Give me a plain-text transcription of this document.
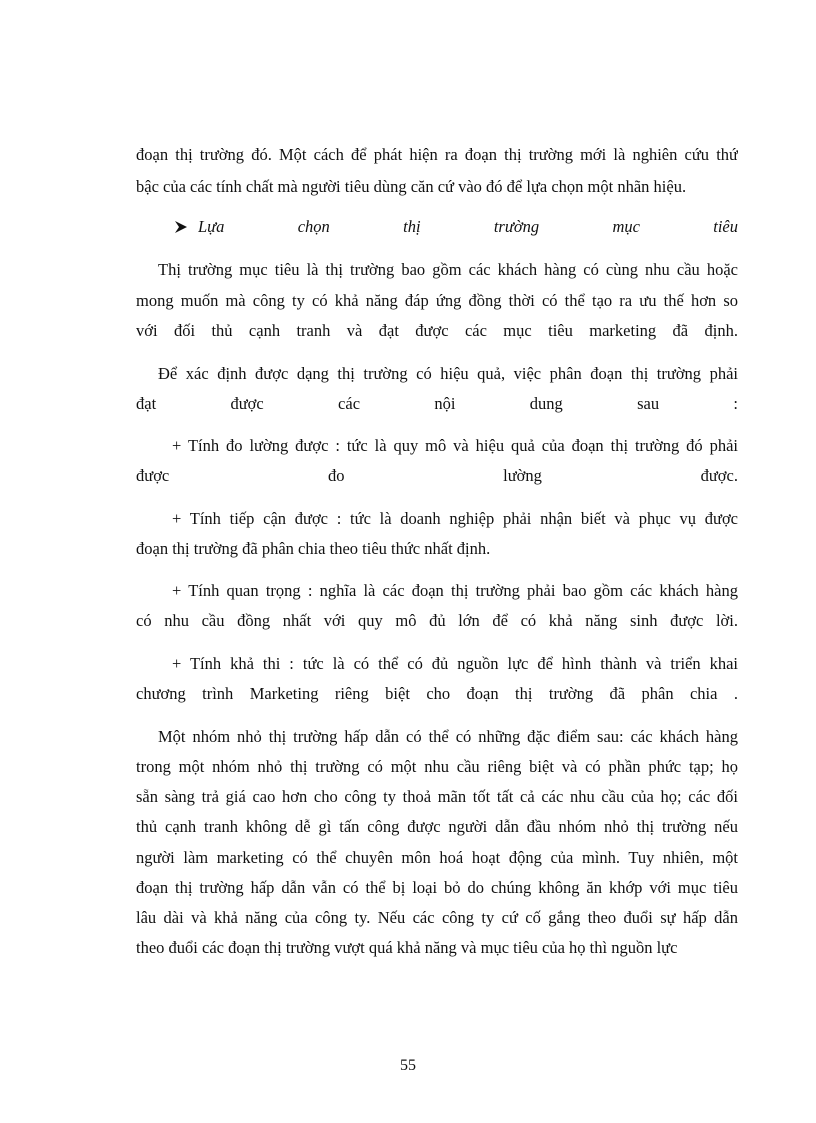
đoạn thị trường đó. Một cách để phát hiện ra đoạn thị trường mới là nghiên cứu thứ
bậc của các tính chất mà người tiêu dùng căn cứ vào đó để lựa chọn một nhãn hiệu.
Lựa chọn thị trường mục tiêu
Thị trường mục tiêu là thị trường bao gồm các khách hàng có cùng nhu cầu hoặc
mong muốn mà công ty có khả năng đáp ứng đồng thời có thể tạo ra ưu thế hơn so
với đối thủ cạnh tranh và đạt được các mục tiêu marketing đã định.
Để xác định được dạng thị trường có hiệu quả, việc phân đoạn thị trường phải
đạt được các nội dung sau :
+ Tính đo lường được : tức là quy mô và hiệu quả của đoạn thị trường đó phải
được đo lường được.
+ Tính tiếp cận được : tức là doanh nghiệp phải nhận biết và phục vụ được
đoạn thị trường đã phân chia theo tiêu thức nhất định.
+ Tính quan trọng : nghĩa là các đoạn thị trường phải bao gồm các khách hàng
có nhu cầu đồng nhất với quy mô đủ lớn để có khả năng sinh được lời.
+ Tính khả thi : tức là có thể có đủ nguồn lực để hình thành và triển khai
chương trình Marketing riêng biệt cho đoạn thị trường đã phân chia .
Một nhóm nhỏ thị trường hấp dẫn có thể có những đặc điểm sau: các khách hàng
trong một nhóm nhỏ thị trường có một nhu cầu riêng biệt và có phần phức tạp; họ
sẵn sàng trả giá cao hơn cho công ty thoả mãn tốt tất cả các nhu cầu của họ; các đối
thủ cạnh tranh không dễ gì tấn công được người dẫn đầu nhóm nhỏ thị trường nếu
người làm marketing có thể chuyên môn hoá hoạt động của mình. Tuy nhiên, một
đoạn thị trường hấp dẫn vẫn có thể bị loại bỏ do chúng không ăn khớp với mục tiêu
lâu dài và khả năng của công ty. Nếu các công ty cứ cố gắng theo đuổi sự hấp dẫn
theo đuổi các đoạn thị trường vượt quá khả năng và mục tiêu của họ thì nguồn lực
55
